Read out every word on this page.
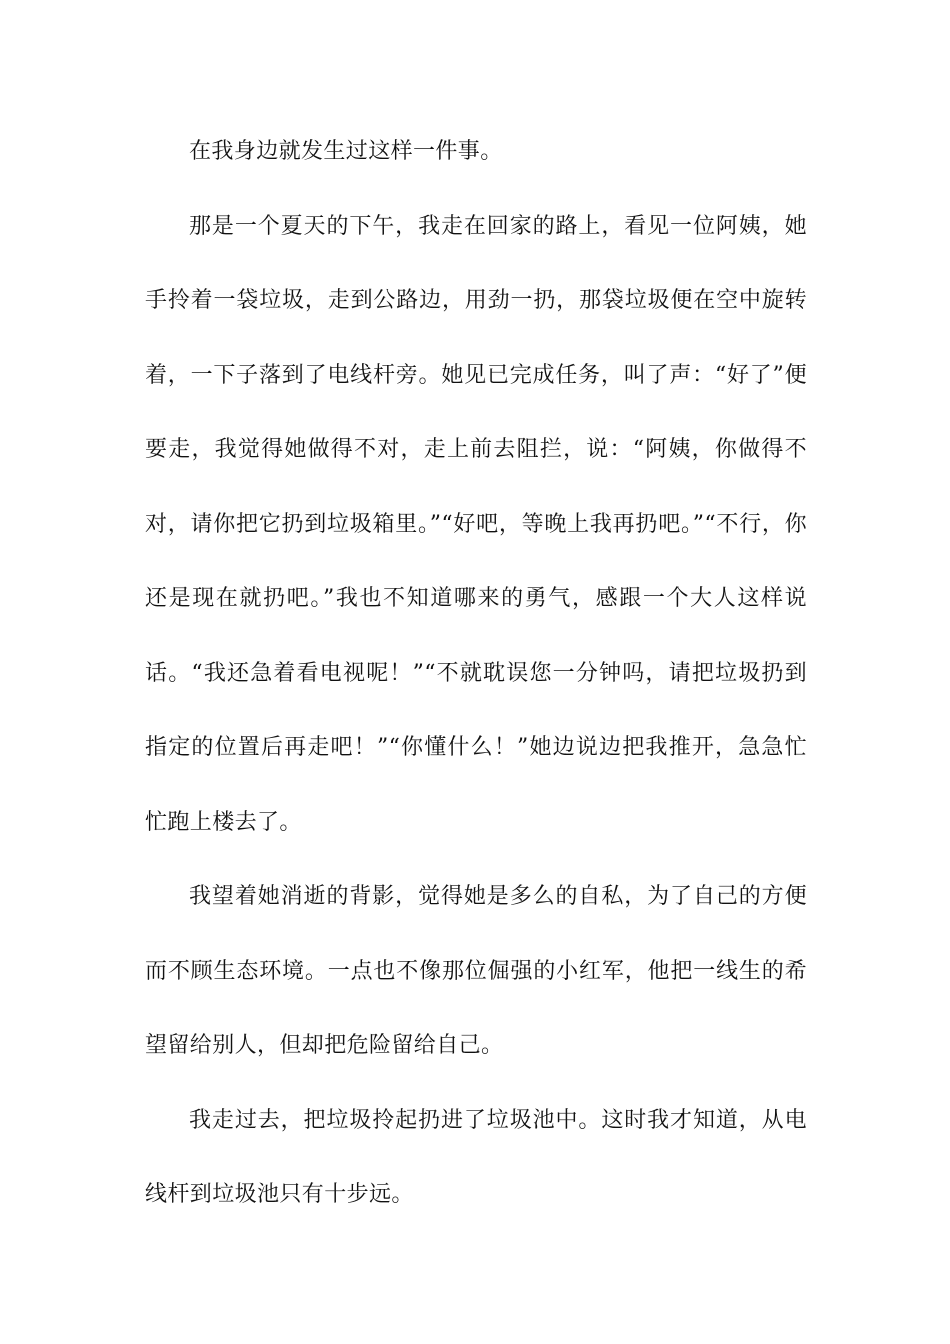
在我身边就发生过这样一件事。

那是一个夏天的下午，我走在回家的路上，看见一位阿姨，她手拎着一袋垃圾，走到公路边，用劲一扔，那袋垃圾便在空中旋转着，一下子落到了电线杆旁。她见已完成任务，叫了声：“好了”便要走，我觉得她做得不对，走上前去阻拦，说：“阿姨，你做得不对，请你把它扔到垃圾箱里。”“好吧，等晚上我再扔吧。”“不行，你还是现在就扔吧。”我也不知道哪来的勇气，感跟一个大人这样说话。“我还急着看电视呢！”“不就耽误您一分钟吗，请把垃圾扔到指定的位置后再走吧！”“你懂什么！”她边说边把我推开，急急忙忙跑上楼去了。

我望着她消逝的背影，觉得她是多么的自私，为了自己的方便而不顾生态环境。一点也不像那位倔强的小红军，他把一线生的希望留给别人，但却把危险留给自己。

我走过去，把垃圾拎起扔进了垃圾池中。这时我才知道，从电线杆到垃圾池只有十步远。
